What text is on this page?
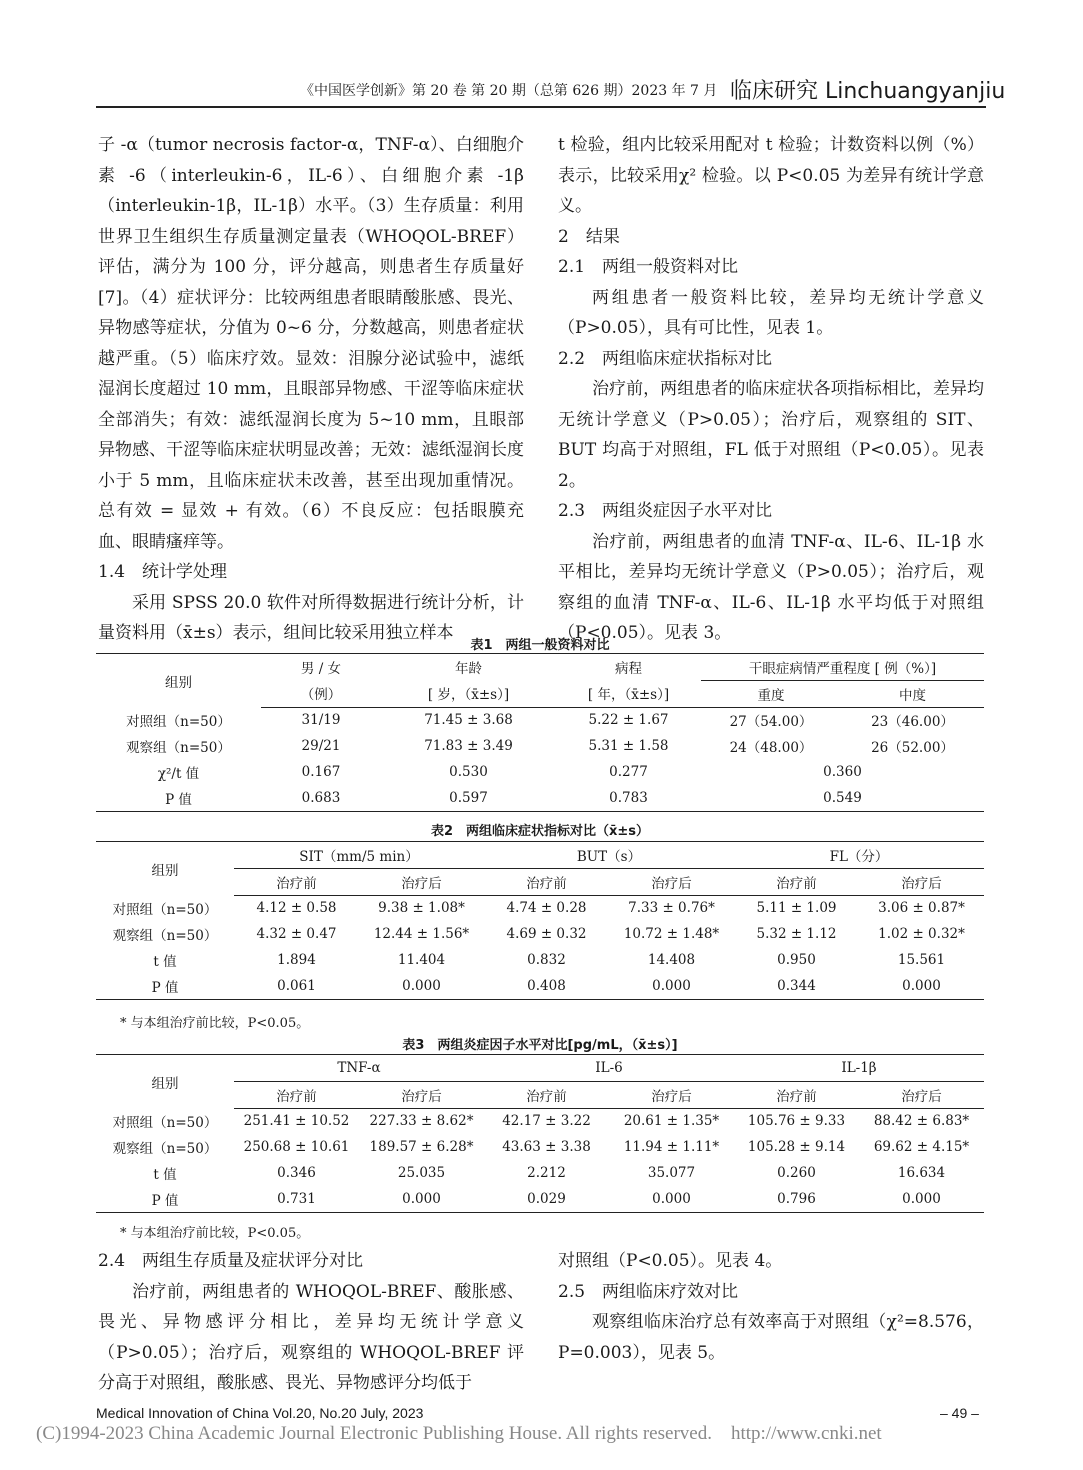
《中国医学创新》第 20 卷 第 20 期（总第 626 期）2023 年 7 月 临床研究 Linchuangyanjiu

子 -α（tumor necrosis factor-α，TNF-α）、白细胞介素 -6（interleukin-6，IL-6）、白细胞介素 -1β（interleukin-1β，IL-1β）水平。（3）生存质量：利用世界卫生组织生存质量测定量表（WHOQOL-BREF）评估，满分为 100 分，评分越高，则患者生存质量好 [7]。（4）症状评分：比较两组患者眼睛酸胀感、畏光、异物感等症状，分值为 0~6 分，分数越高，则患者症状越严重。（5）临床疗效。显效：泪腺分泌试验中，滤纸湿润长度超过 10 mm，且眼部异物感、干涩等临床症状全部消失；有效：滤纸湿润长度为 5~10 mm，且眼部异物感、干涩等临床症状明显改善；无效：滤纸湿润长度小于 5 mm，且临床症状未改善，甚至出现加重情况。总有效 = 显效 + 有效。（6）不良反应：包括眼膜充血、眼睛瘙痒等。

1.4　统计学处理

采用 SPSS 20.0 软件对所得数据进行统计分析，计量资料用（x̄±s）表示，组间比较采用独立样本

t 检验，组内比较采用配对 t 检验；计数资料以例（%）表示，比较采用χ² 检验。以 P<0.05 为差异有统计学意义。

2　结果

2.1　两组一般资料对比

两组患者一般资料比较，差异均无统计学意义（P>0.05），具有可比性，见表 1。

2.2　两组临床症状指标对比

治疗前，两组患者的临床症状各项指标相比，差异均无统计学意义（P>0.05）；治疗后，观察组的 SIT、BUT 均高于对照组，FL 低于对照组（P<0.05）。见表 2。

2.3　两组炎症因子水平对比

治疗前，两组患者的血清 TNF-α、IL-6、IL-1β 水平相比，差异均无统计学意义（P>0.05）；治疗后，观察组的血清 TNF-α、IL-6、IL-1β 水平均低于对照组（P<0.05）。见表 3。

表1　两组一般资料对比
组别	男 / 女	年龄	病程	干眼症病情严重程度 [ 例（%）]	
	（例）	[ 岁，（x̄±s）]	[ 年，（x̄±s）]	重度	中度
对照组（n=50）	31/19	71.45 ± 3.68	5.22 ± 1.67	27（54.00）	23（46.00）
观察组（n=50）	29/21	71.83 ± 3.49	5.31 ± 1.58	24（48.00）	26（52.00）
χ²/t 值	0.167	0.530	0.277	0.360	
P 值	0.683	0.597	0.783	0.549	
表2　两组临床症状指标对比（x̄±s）
组别	SIT（mm/5 min）		BUT（s）		FL（分）	
	治疗前	治疗后	治疗前	治疗后	治疗前	治疗后
对照组（n=50）	4.12 ± 0.58	9.38 ± 1.08*	4.74 ± 0.28	7.33 ± 0.76*	5.11 ± 1.09	3.06 ± 0.87*
观察组（n=50）	4.32 ± 0.47	12.44 ± 1.56*	4.69 ± 0.32	10.72 ± 1.48*	5.32 ± 1.12	1.02 ± 0.32*
t 值	1.894	11.404	0.832	14.408	0.950	15.561
P 值	0.061	0.000	0.408	0.000	0.344	0.000
* 与本组治疗前比较，P<0.05。
表3　两组炎症因子水平对比[pg/mL，（x̄±s）]
组别	TNF-α		IL-6		IL-1β	
	治疗前	治疗后	治疗前	治疗后	治疗前	治疗后
对照组（n=50）	251.41 ± 10.52	227.33 ± 8.62*	42.17 ± 3.22	20.61 ± 1.35*	105.76 ± 9.33	88.42 ± 6.83*
观察组（n=50）	250.68 ± 10.61	189.57 ± 6.28*	43.63 ± 3.38	11.94 ± 1.11*	105.28 ± 9.14	69.62 ± 4.15*
t 值	0.346	25.035	2.212	35.077	0.260	16.634
P 值	0.731	0.000	0.029	0.000	0.796	0.000
* 与本组治疗前比较，P<0.05。

2.4　两组生存质量及症状评分对比

治疗前，两组患者的 WHOQOL-BREF、酸胀感、畏光、异物感评分相比，差异均无统计学意义（P>0.05）；治疗后，观察组的 WHOQOL-BREF 评分高于对照组，酸胀感、畏光、异物感评分均低于

对照组（P<0.05）。见表 4。

2.5　两组临床疗效对比

观察组临床治疗总有效率高于对照组（χ²=8.576，P=0.003），见表 5。

Medical Innovation of China Vol.20, No.20 July, 2023	– 49 –
(C)1994-2023 China Academic Journal Electronic Publishing House. All rights reserved.　http://www.cnki.net
